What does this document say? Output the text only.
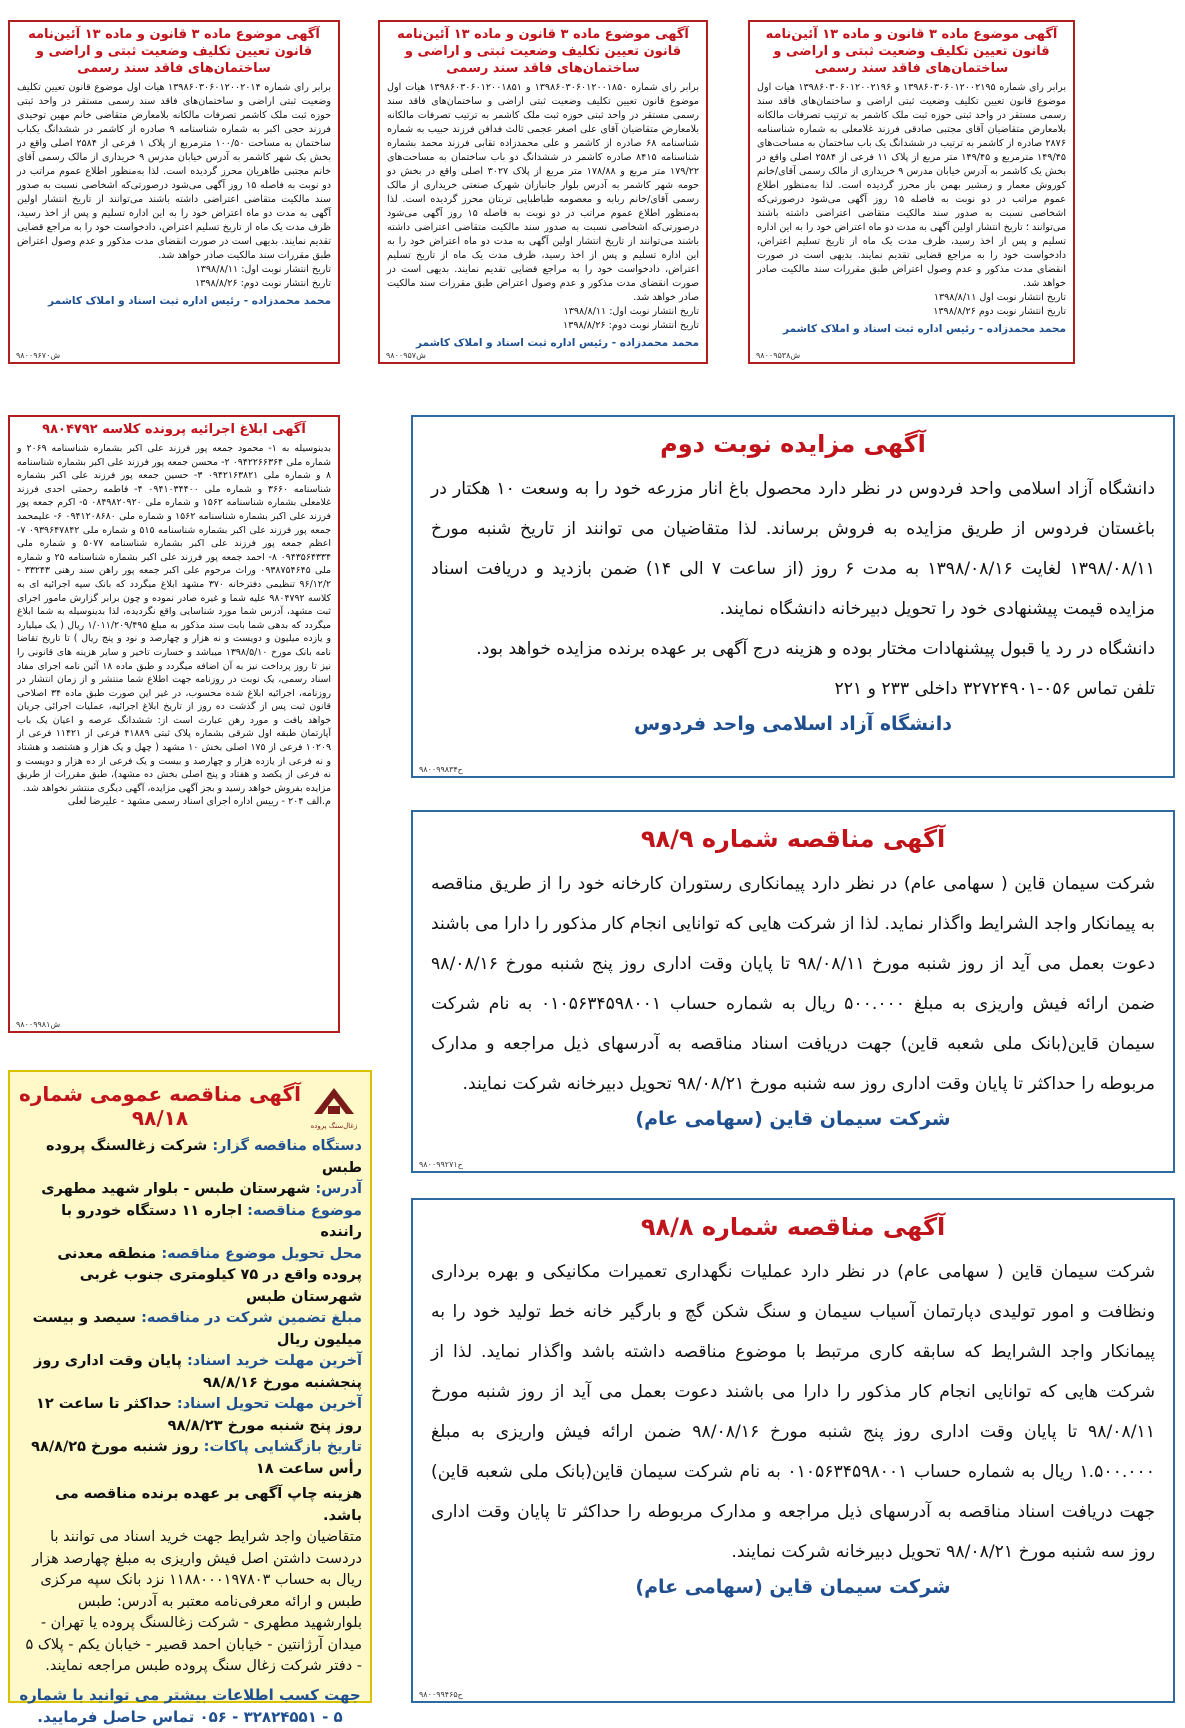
آگهی موضوع ماده ۳ قانون و ماده ۱۳ آئین‌نامه قانون تعیین تکلیف وضعیت ثبتی و اراضی و ساختمان‌های فاقد سند رسمی

برابر رای شماره ۱۳۹۸۶۰۳۰۶۰۱۲۰۰۲۱۹۵ و ۱۳۹۸۶۰۳۰۶۰۱۲۰۰۲۱۹۶ هیات اول موضوع قانون تعیین تکلیف وضعیت ثبتی اراضی و ساختمان‌های فاقد سند رسمی مستقر در واحد ثبتی حوزه ثبت ملک کاشمر به ترتیب تصرفات مالکانه بلامعارض متقاضیان آقای مجتبی صادقی فرزند غلامعلی به شماره شناسنامه ۲۸۷۶ صادره از کاشمر به ترتیب در ششدانگ یک باب ساختمان به مساحت‌های ۱۴۹/۴۵ مترمربع و ۱۴۹/۴۵ متر مربع از پلاک ۱۱ فرعی از ۲۵۸۴ اصلی واقع در بخش یک کاشمر به آدرس خیابان مدرس ۹ خریداری از مالک رسمی آقای/خانم کوروش معمار و زمشیر بهمن باز محرز گردیده است. لذا به‌منظور اطلاع عموم مراتب در دو نوبت به فاصله ۱۵ روز آگهی می‌شود درصورتی‌که اشخاصی نسبت به صدور سند مالکیت متقاضی اعتراضی داشته باشند می‌توانند ؛ تاریخ انتشار اولین آگهی به مدت دو ماه اعتراض خود را به این اداره تسلیم و پس از اخذ رسید، ظرف مدت یک ماه از تاریخ تسلیم اعتراض، دادخواست خود را به مراجع قضایی تقدیم نمایند. بدیهی است در صورت انقضای مدت مذکور و عدم وصول اعتراض طبق مقررات سند مالکیت صادر خواهد شد.

تاریخ انتشار نوبت اول ۱۳۹۸/۸/۱۱

تاریخ انتشار نوبت دوم ۱۳۹۸/۸/۲۶

محمد محمدزاده - رئیس اداره ثبت اسناد و املاک کاشمر
ش۹۸۰۰۹۵۳۸
آگهی موضوع ماده ۳ قانون و ماده ۱۳ آئین‌نامه قانون تعیین تکلیف وضعیت ثبتی و اراضی و ساختمان‌های فاقد سند رسمی

برابر رای شماره ۱۳۹۸۶۰۳۰۶۰۱۲۰۰۱۸۵۰ و ۱۳۹۸۶۰۳۰۶۰۱۲۰۰۱۸۵۱ هیات اول موضوع قانون تعیین تکلیف وضعیت ثبتی اراضی و ساختمان‌های فاقد سند رسمی مستقر در واحد ثبتی حوزه ثبت ملک کاشمر به ترتیب تصرفات مالکانه بلامعارض متقاضیان آقای علی اصغر عجمی ثالث فدافن فرزند حبیب به شماره شناسنامه ۶۸ صادره از کاشمر و علی محمدزاده تقابی فرزند محمد بشماره شناسنامه ۸۴۱۵ صادره کاشمر در ششدانگ دو باب ساختمان به مساحت‌های ۱۷۹/۲۲ متر مربع و ۱۷۸/۸۸ متر مربع از پلاک ۳۰۲۷ اصلی واقع در بخش دو حومه شهر کاشمر به آدرس بلوار جانبازان شهرک صنعتی خریداری از مالک رسمی آقای/خانم ربابه و معصومه طباطبایی تربتان محرز گردیده است. لذا به‌منظور اطلاع عموم مراتب در دو نوبت به فاصله ۱۵ روز آگهی می‌شود درصورتی‌که اشخاصی نسبت به صدور سند مالکیت متقاضی اعتراضی داشته باشند می‌توانند از تاریخ انتشار اولین آگهی به مدت دو ماه اعتراض خود را به این اداره تسلیم و پس از اخذ رسید، ظرف مدت یک ماه از تاریخ تسلیم اعتراض، دادخواست خود را به مراجع قضایی تقدیم نمایند. بدیهی است در صورت انقضای مدت مذکور و عدم وصول اعتراض طبق مقررات سند مالکیت صادر خواهد شد.

تاریخ انتشار نوبت اول: ۱۳۹۸/۸/۱۱

تاریخ انتشار نوبت دوم: ۱۳۹۸/۸/۲۶

محمد محمدزاده - رئیس اداره ثبت اسناد و املاک کاشمر
ش۹۸۰۰۹۵۷
آگهی موضوع ماده ۳ قانون و ماده ۱۳ آئین‌نامه قانون تعیین تکلیف وضعیت ثبتی و اراضی و ساختمان‌های فاقد سند رسمی

برابر رای شماره ۱۳۹۸۶۰۳۰۶۰۱۲۰۰۲۰۱۴ هیات اول موضوع قانون تعیین تکلیف وضعیت ثبتی اراضی و ساختمان‌های فاقد سند رسمی مستقر در واحد ثبتی حوزه ثبت ملک کاشمر تصرفات مالکانه بلامعارض متقاضی خانم مهین توحیدی فرزند حجی اکبر به شماره شناسنامه ۹ صادره از کاشمر در ششدانگ یکباب ساختمان به مساحت ۱۰۰/۵۰ مترمربع از پلاک ۱ فرعی از ۲۵۸۴ اصلی واقع در بخش یک شهر کاشمر به آدرس خیابان مدرس ۹ خریداری از مالک رسمی آقای خانم مجتبی طاهریان محرز گردیده است. لذا به‌منظور اطلاع عموم مراتب در دو نوبت به فاصله ۱۵ روز آگهی می‌شود درصورتی‌که اشخاصی نسبت به صدور سند مالکیت متقاضی اعتراضی داشته باشند می‌توانند از تاریخ انتشار اولین آگهی به مدت دو ماه اعتراض خود را به این اداره تسلیم و پس از اخذ رسید، ظرف مدت یک ماه از تاریخ تسلیم اعتراض، دادخواست خود را به مراجع قضایی تقدیم نمایند. بدیهی است در صورت انقضای مدت مذکور و عدم وصول اعتراض طبق مقررات سند مالکیت صادر خواهد شد.

تاریخ انتشار نوبت اول: ۱۳۹۸/۸/۱۱

تاریخ انتشار نوبت دوم: ۱۳۹۸/۸/۲۶

محمد محمدزاده - رئیس اداره ثبت اسناد و املاک کاشمر
ش۹۸۰۰۹۶۷۰
آگهی ابلاغ اجرائیه پرونده کلاسه ۹۸۰۴۷۹۲

بدینوسیله به ۱- محمود جمعه پور فرزند علی اکبر بشماره شناسنامه ۲۰۶۹ و شماره ملی ۰۹۴۲۲۶۶۳۶۴ ۲- محسن جمعه پور فرزند علی اکبر بشماره شناسنامه ۸ و شماره ملی ۰۹۴۲۱۶۳۸۲۱ ۳- حسین جمعه پور فرزند علی اکبر بشماره شناسنامه ۳۶۶۰ و شماره ملی ۰۹۴۱۰۳۴۴۰۰ ۴- فاطمه رحمتی احدی فرزند غلامعلی بشماره شناسنامه ۱۵۶۲ و شماره ملی ۰۸۴۹۸۲۰۹۲۰ ۵- اکرم جمعه پور فرزند علی اکبر بشماره شناسنامه ۱۵۶۲ و شماره ملی ۰۹۴۱۲۰۸۶۸۰ ۶- علیمحمد جمعه پور فرزند علی اکبر بشماره شناسنامه ۵۱۵ و شماره ملی ۰۹۳۹۶۴۷۸۴۲ ۷- اعظم جمعه پور فرزند علی اکبر بشماره شناسنامه ۵۰۷۷ و شماره ملی ۰۹۴۳۵۶۴۳۳۴ ۸- احمد جمعه پور فرزند علی اکبر بشماره شناسنامه ۲۵ و شماره ملی ۰۹۳۸۷۵۴۶۴۵ وراث مرحوم علی اکبر جمعه پور راهن سند رهنی ۳۳۲۴۳ - ۹۶/۱۲/۲ تنظیمی دفترخانه ۳۷۰ مشهد ابلاغ میگردد که بانک سپه اجرائیه ای به کلاسه ۹۸۰۴۷۹۲ علیه شما و غیره صادر نموده و چون برابر گزارش مامور اجرای ثبت مشهد، آدرس شما مورد شناسایی واقع نگردیده، لذا بدینوسیله به شما ابلاغ میگردد که بدهی شما بابت سند مذکور به مبلغ ۱/۰۱۱/۲۰۹/۴۹۵ ریال ( یک میلیارد و یازده میلیون و دویست و نه هزار و چهارصد و نود و پنج ریال ) تا تاریخ تقاضا نامه بانک مورخ ۱۳۹۸/۵/۱۰ میباشد و خسارت تاخیر و سایر هزینه های قانونی را نیز تا روز پرداخت نیز به آن اضافه میگردد و طبق ماده ۱۸ آئین نامه اجرای مفاد اسناد رسمی، یک نوبت در روزنامه جهت اطلاع شما منتشر و از زمان انتشار در روزنامه، اجرائیه ابلاغ شده محسوب، در غیر این صورت طبق ماده ۳۴ اصلاحی قانون ثبت پس از گذشت ده روز از تاریخ ابلاغ اجرائیه، عملیات اجرائی جریان خواهد یافت و مورد رهن عبارت است از: ششدانگ عرصه و اعیان یک باب آپارتمان طبقه اول شرقی بشماره پلاک ثبتی ۴۱۸۸۹ فرعی از ۱۱۴۲۱ فرعی از ۱۰۲۰۹ فرعی از ۱۷۵ اصلی بخش ۱۰ مشهد ( چهل و یک هزار و هشتصد و هشتاد و نه فرعی از یازده هزار و چهارصد و بیست و یک فرعی از ده هزار و دویست و نه فرعی از یکصد و هفتاد و پنج اصلی بخش ده مشهد)، طبق مقررات از طریق مزایده بفروش خواهد رسید و بجز آگهی مزایده، آگهی دیگری منتشر نخواهد شد.

م.الف ۲۰۴ - رییس اداره اجرای اسناد رسمی مشهد - علیرضا لعلی

ش۹۸۰۰۹۹۸۱
آگهی مزایده نوبت دوم

دانشگاه آزاد اسلامی واحد فردوس در نظر دارد محصول باغ انار مزرعه خود را به وسعت ۱۰ هکتار در باغستان فردوس از طریق مزایده به فروش برساند. لذا متقاضیان می توانند از تاریخ شنبه مورخ ۱۳۹۸/۰۸/۱۱ لغایت ۱۳۹۸/۰۸/۱۶ به مدت ۶ روز (از ساعت ۷ الی ۱۴) ضمن بازدید و دریافت اسناد مزایده قیمت پیشنهادی خود را تحویل دبیرخانه دانشگاه نمایند.

دانشگاه در رد یا قبول پیشنهادات مختار بوده و هزینه درج آگهی بر عهده برنده مزایده خواهد بود.

تلفن تماس ۰۵۶-۳۲۷۲۴۹۰۱ داخلی ۲۳۳ و ۲۲۱

دانشگاه آزاد اسلامی واحد فردوس
ح۹۸۰۰۹۹۸۳۴
آگهی مناقصه شماره ۹۸/۹

شرکت سیمان قاین ( سهامی عام) در نظر دارد پیمانکاری رستوران کارخانه خود را از طریق مناقصه به پیمانکار واجد الشرایط واگذار نماید. لذا از شرکت هایی که توانایی انجام کار مذکور را دارا می باشند دعوت بعمل می آید از روز شنبه مورخ ۹۸/۰۸/۱۱ تا پایان وقت اداری روز پنج شنبه مورخ ۹۸/۰۸/۱۶ ضمن ارائه فیش واریزی به مبلغ ۵۰۰.۰۰۰ ریال به شماره حساب ۰۱۰۵۶۳۴۵۹۸۰۰۱ به نام شرکت سیمان قاین(بانک ملی شعبه قاین) جهت دریافت اسناد مناقصه به آدرسهای ذیل مراجعه و مدارک مربوطه را حداکثر تا پایان وقت اداری روز سه شنبه مورخ ۹۸/۰۸/۲۱ تحویل دبیرخانه شرکت نمایند.

شرکت سیمان قاین (سهامی عام)
ح۹۸۰۰۹۹۲۷۱
آگهی مناقصه شماره ۹۸/۸

شرکت سیمان قاین ( سهامی عام) در نظر دارد عملیات نگهداری تعمیرات مکانیکی و بهره برداری ونظافت و امور تولیدی دپارتمان آسیاب سیمان و سنگ شکن گچ و بارگیر خانه خط تولید خود را به پیمانکار واجد الشرایط که سابقه کاری مرتبط با موضوع مناقصه داشته باشد واگذار نماید. لذا از شرکت هایی که توانایی انجام کار مذکور را دارا می باشند دعوت بعمل می آید از روز شنبه مورخ ۹۸/۰۸/۱۱ تا پایان وقت اداری روز پنج شنبه مورخ ۹۸/۰۸/۱۶ ضمن ارائه فیش واریزی به مبلغ ۱.۵۰۰.۰۰۰ ریال به شماره حساب ۰۱۰۵۶۳۴۵۹۸۰۰۱ به نام شرکت سیمان قاین(بانک ملی شعبه قاین) جهت دریافت اسناد مناقصه به آدرسهای ذیل مراجعه و مدارک مربوطه را حداکثر تا پایان وقت اداری روز سه شنبه مورخ ۹۸/۰۸/۲۱ تحویل دبیرخانه شرکت نمایند.

شرکت سیمان قاین (سهامی عام)
ح۹۸۰۰۹۹۴۶۵
زغال‌سنگ پروده
آگهی مناقصه عمومی شماره ۹۸/۱۸

دستگاه مناقصه گزار: شرکت زغالسنگ پروده طبس

آدرس: شهرستان طبس - بلوار شهید مطهری

موضوع مناقصه: اجاره ۱۱ دستگاه خودرو با راننده

محل تحویل موضوع مناقصه: منطقه معدنی پروده واقع در ۷۵ کیلومتری جنوب غربی شهرستان طبس

مبلغ تضمین شرکت در مناقصه: سیصد و بیست میلیون ریال

آخرین مهلت خرید اسناد: پایان وقت اداری روز پنجشنبه مورخ ۹۸/۸/۱۶

آخرین مهلت تحویل اسناد: حداکثر تا ساعت ۱۲ روز پنج شنبه مورخ ۹۸/۸/۲۳

تاریخ بازگشایی پاکات: روز شنبه مورخ ۹۸/۸/۲۵ رأس ساعت ۱۸

هزینه چاپ آگهی بر عهده برنده مناقصه می باشد.

متقاضیان واجد شرایط جهت خرید اسناد می توانند با دردست داشتن اصل فیش واریزی به مبلغ چهارصد هزار ریال به حساب ۱۱۸۸۰۰۰۱۹۷۸۰۳ نزد بانک سپه مرکزی طبس و ارائه معرفی‌نامه معتبر به آدرس: طبس بلوارشهید مطهری - شرکت زغالسنگ پروده یا تهران - میدان آرژانتین - خیابان احمد قصیر - خیابان یکم - پلاک ۵ - دفتر شرکت زغال سنگ پروده طبس مراجعه نمایند.

جهت کسب اطلاعات بیشتر می توانید با شماره ۵ - ۳۲۸۲۴۵۵۱ - ۰۵۶ تماس حاصل فرمایید.
